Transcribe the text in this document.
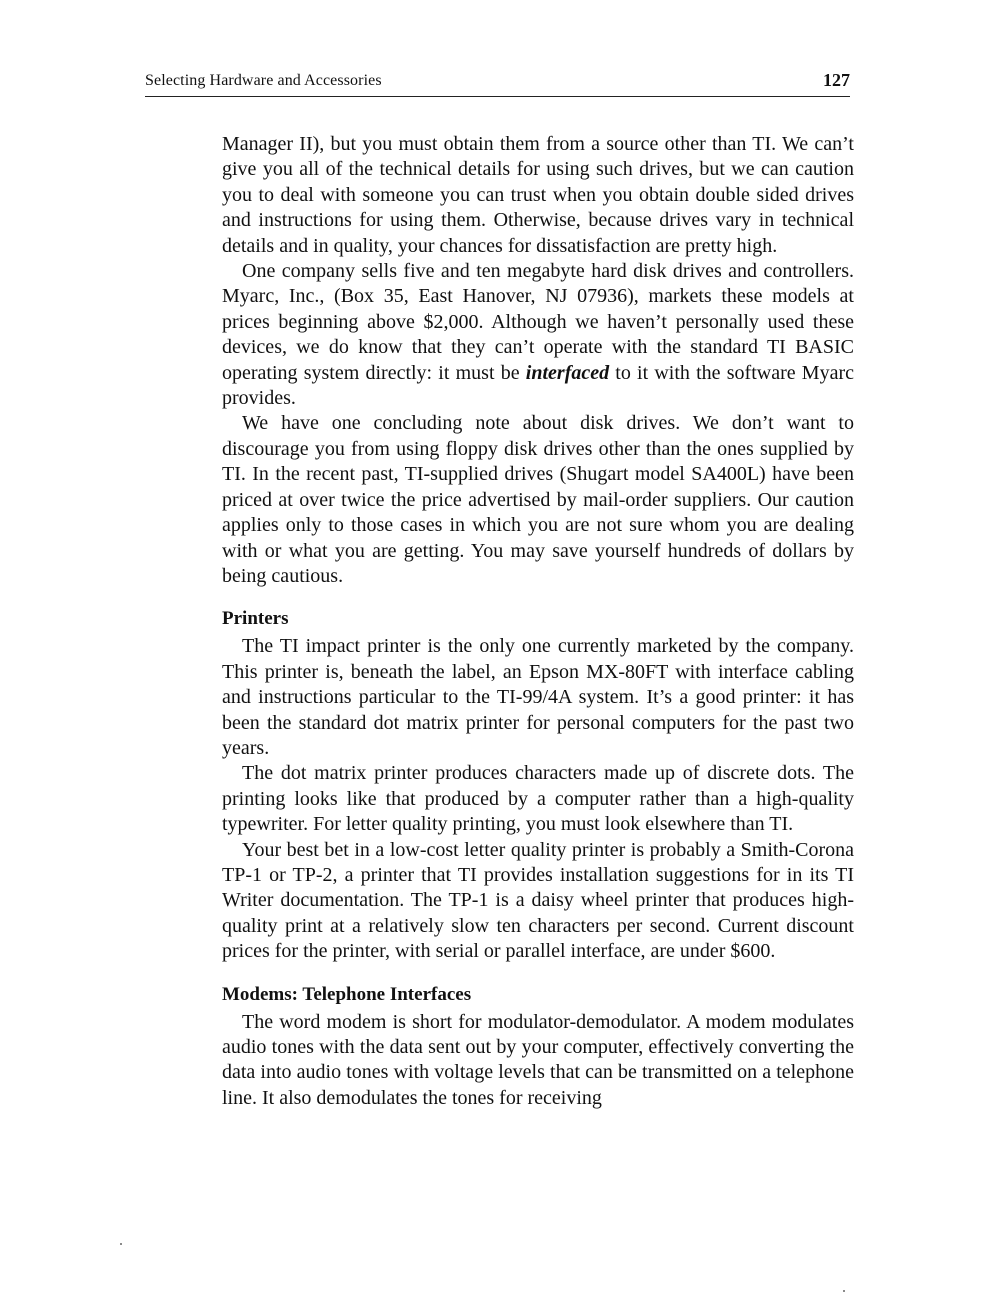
Selecting Hardware and Accessories	127

Manager II), but you must obtain them from a source other than TI. We can’t give you all of the technical details for using such drives, but we can caution you to deal with someone you can trust when you obtain double sided drives and instructions for using them. Otherwise, because drives vary in technical details and in quality, your chances for dissatisfaction are pretty high.

One company sells five and ten megabyte hard disk drives and controllers. Myarc, Inc., (Box 35, East Hanover, NJ 07936), markets these models at prices beginning above $2,000. Although we haven’t personally used these devices, we do know that they can’t operate with the standard TI BASIC operating system directly: it must be interfaced to it with the software Myarc provides.

We have one concluding note about disk drives. We don’t want to discourage you from using floppy disk drives other than the ones supplied by TI. In the recent past, TI-supplied drives (Shugart model SA400L) have been priced at over twice the price advertised by mail-order suppliers. Our caution applies only to those cases in which you are not sure whom you are dealing with or what you are getting. You may save yourself hundreds of dollars by being cautious.

Printers

The TI impact printer is the only one currently marketed by the company. This printer is, beneath the label, an Epson MX-80FT with interface cabling and instructions particular to the TI-99/4A system. It’s a good printer: it has been the standard dot matrix printer for personal computers for the past two years.

The dot matrix printer produces characters made up of discrete dots. The printing looks like that produced by a computer rather than a high-quality typewriter. For letter quality printing, you must look elsewhere than TI.

Your best bet in a low-cost letter quality printer is probably a Smith-Corona TP-1 or TP-2, a printer that TI provides installation suggestions for in its TI Writer documentation. The TP-1 is a daisy wheel printer that produces high-quality print at a relatively slow ten characters per second. Current discount prices for the printer, with serial or parallel interface, are under $600.

Modems: Telephone Interfaces

The word modem is short for modulator-demodulator. A modem modulates audio tones with the data sent out by your computer, effectively converting the data into audio tones with voltage levels that can be transmitted on a telephone line. It also demodulates the tones for receiving
